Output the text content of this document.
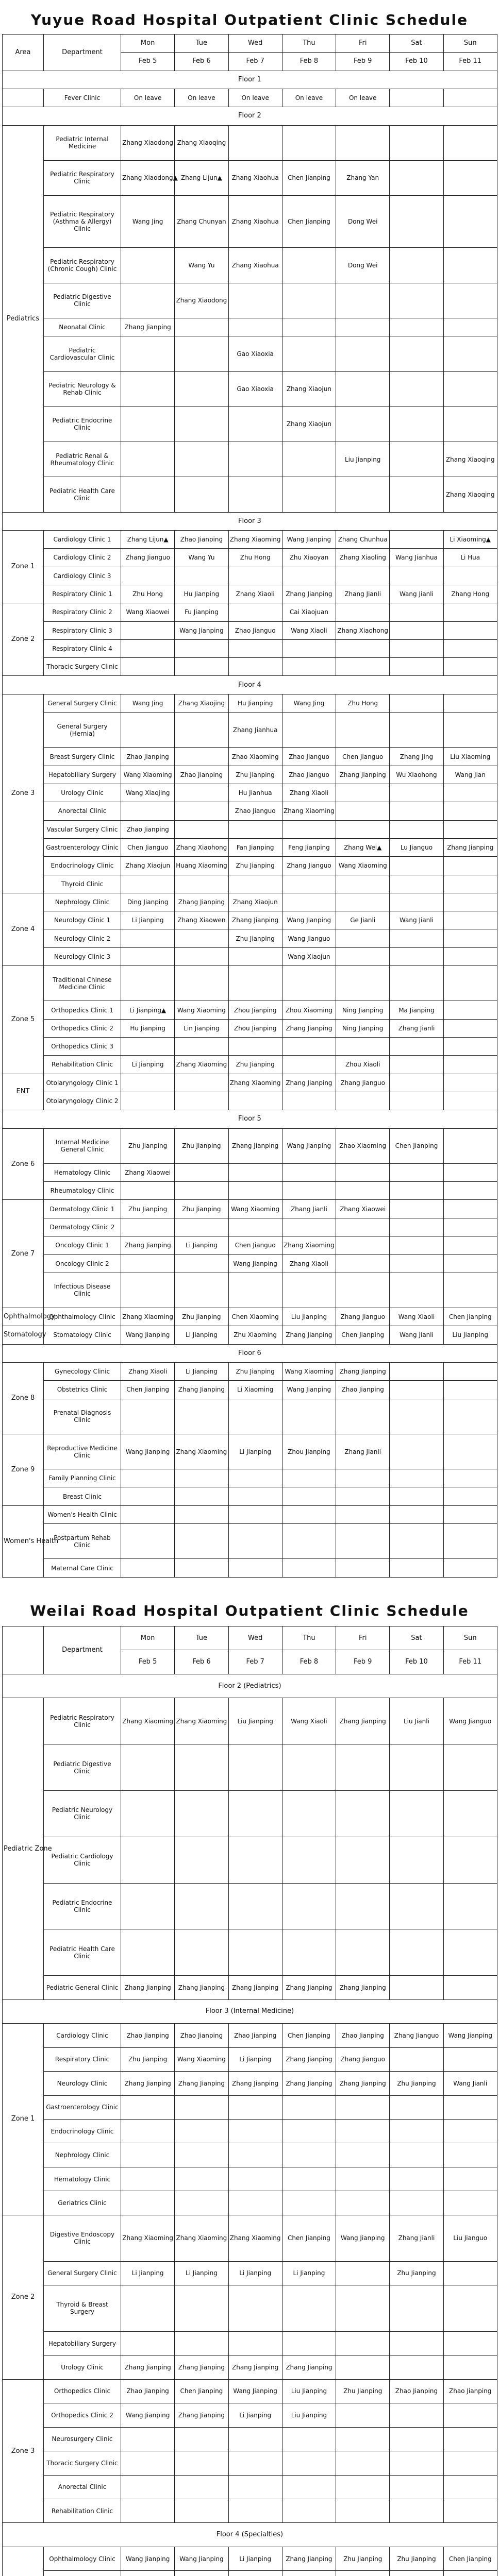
Yuyue Road Hospital Outpatient Clinic Schedule
Area	Department	Mon	Tue	Wed	Thu	Fri	Sat	Sun
		Feb 5	Feb 6	Feb 7	Feb 8	Feb 9	Feb 10	Feb 11
Floor 1								
	Fever Clinic	On leave	On leave	On leave	On leave	On leave		
Floor 2								
Pediatrics	Pediatric Internal Medicine	Zhang Xiaodong	Zhang Xiaoqing					
	Pediatric Respiratory Clinic	Zhang Xiaodong▲	Zhang Lijun▲	Zhang Xiaohua	Chen Jianping	Zhang Yan		
	Pediatric Respiratory (Asthma & Allergy) Clinic	Wang Jing	Zhang Chunyan	Zhang Xiaohua	Chen Jianping	Dong Wei		
	Pediatric Respiratory (Chronic Cough) Clinic		Wang Yu	Zhang Xiaohua		Dong Wei		
	Pediatric Digestive Clinic		Zhang Xiaodong					
	Neonatal Clinic	Zhang Jianping						
	Pediatric Cardiovascular Clinic			Gao Xiaoxia				
	Pediatric Neurology & Rehab Clinic			Gao Xiaoxia	Zhang Xiaojun			
	Pediatric Endocrine Clinic				Zhang Xiaojun			
	Pediatric Renal & Rheumatology Clinic					Liu Jianping		Zhang Xiaoqing
	Pediatric Health Care Clinic							Zhang Xiaoqing
Floor 3								
Zone 1	Cardiology Clinic 1	Zhang Lijun▲	Zhao Jianping	Zhang Xiaoming	Wang Jianping	Zhang Chunhua		Li Xiaoming▲
	Cardiology Clinic 2	Zhang Jianguo	Wang Yu	Zhu Hong	Zhu Xiaoyan	Zhang Xiaoling	Wang Jianhua	Li Hua
	Cardiology Clinic 3							
	Respiratory Clinic 1	Zhu Hong	Hu Jianping	Zhang Xiaoli	Zhang Jianping	Zhang Jianli	Wang Jianli	Zhang Hong
Zone 2	Respiratory Clinic 2	Wang Xiaowei	Fu Jianping		Cai Xiaojuan			
	Respiratory Clinic 3		Wang Jianping	Zhao Jianguo	Wang Xiaoli	Zhang Xiaohong		
	Respiratory Clinic 4							
	Thoracic Surgery Clinic							
Floor 4								
Zone 3	General Surgery Clinic	Wang Jing	Zhang Xiaojing	Hu Jianping	Wang Jing	Zhu Hong		
	General Surgery (Hernia)			Zhang Jianhua				
	Breast Surgery Clinic	Zhao Jianping		Zhao Xiaoming	Zhao Jianguo	Chen Jianguo	Zhang Jing	Liu Xiaoming
	Hepatobiliary Surgery	Wang Xiaoming	Zhao Jianping	Zhu Jianping	Zhao Jianguo	Zhang Jianping	Wu Xiaohong	Wang Jian
	Urology Clinic	Wang Xiaojing		Hu Jianhua	Zhang Xiaoli			
	Anorectal Clinic			Zhao Jianguo	Zhang Xiaoming			
	Vascular Surgery Clinic	Zhao Jianping						
	Gastroenterology Clinic	Chen Jianguo	Zhang Xiaohong	Fan Jianping	Feng Jianping	Zhang Wei▲	Lu Jianguo	Zhang Jianping
	Endocrinology Clinic	Zhang Xiaojun	Huang Xiaoming	Zhu Jianping	Zhang Jianguo	Wang Xiaoming		
	Thyroid Clinic							
Zone 4	Nephrology Clinic	Ding Jianping	Zhang Jianping	Zhang Xiaojun				
	Neurology Clinic 1	Li Jianping	Zhang Xiaowen	Zhang Jianping	Wang Jianping	Ge Jianli	Wang Jianli	
	Neurology Clinic 2			Zhu Jianping	Wang Jianguo			
	Neurology Clinic 3				Wang Xiaojun			
Zone 5	Traditional Chinese Medicine Clinic							
	Orthopedics Clinic 1	Li Jianping▲	Wang Xiaoming	Zhou Jianping	Zhou Xiaoming	Ning Jianping	Ma Jianping	
	Orthopedics Clinic 2	Hu Jianping	Lin Jianping	Zhou Jianping	Zhang Jianping	Ning Jianping	Zhang Jianli	
	Orthopedics Clinic 3							
	Rehabilitation Clinic	Li Jianping	Zhang Xiaoming	Zhu Jianping		Zhou Xiaoli		
ENT	Otolaryngology Clinic 1			Zhang Xiaoming	Zhang Jianping	Zhang Jianguo		
	Otolaryngology Clinic 2							
Floor 5								
Zone 6	Internal Medicine General Clinic	Zhu Jianping	Zhu Jianping	Zhang Jianping	Wang Jianping	Zhao Xiaoming	Chen Jianping	
	Hematology Clinic	Zhang Xiaowei						
	Rheumatology Clinic							
Zone 7	Dermatology Clinic 1	Zhu Jianping	Zhu Jianping	Wang Xiaoming	Zhang Jianli	Zhang Xiaowei		
	Dermatology Clinic 2							
	Oncology Clinic 1	Zhang Jianping	Li Jianping	Chen Jianguo	Zhang Xiaoming			
	Oncology Clinic 2			Wang Jianping	Zhang Xiaoli			
	Infectious Disease Clinic							
Ophthalmology	Ophthalmology Clinic	Zhang Xiaoming	Zhu Jianping	Chen Xiaoming	Liu Jianping	Zhang Jianguo	Wang Xiaoli	Chen Jianping
Stomatology	Stomatology Clinic	Wang Jianping	Li Jianping	Zhu Xiaoming	Zhang Jianping	Chen Jianping	Wang Jianli	Liu Jianping
Floor 6								
Zone 8	Gynecology Clinic	Zhang Xiaoli	Li Jianping	Zhu Jianping	Wang Xiaoming	Zhang Jianping		
	Obstetrics Clinic	Chen Jianping	Zhang Jianping	Li Xiaoming	Wang Jianping	Zhao Jianping		
	Prenatal Diagnosis Clinic							
Zone 9	Reproductive Medicine Clinic	Wang Jianping	Zhang Xiaoming	Li Jianping	Zhou Jianping	Zhang Jianli		
	Family Planning Clinic							
	Breast Clinic							
Women's Health	Women's Health Clinic							
	Postpartum Rehab Clinic							
	Maternal Care Clinic							
Weilai Road Hospital Outpatient Clinic Schedule
	Department	Mon	Tue	Wed	Thu	Fri	Sat	Sun
		Feb 5	Feb 6	Feb 7	Feb 8	Feb 9	Feb 10	Feb 11
Floor 2 (Pediatrics)								
Pediatric Zone	Pediatric Respiratory Clinic	Zhang Xiaoming	Zhang Xiaoming	Liu Jianping	Wang Xiaoli	Zhang Jianping	Liu Jianli	Wang Jianguo
	Pediatric Digestive Clinic							
	Pediatric Neurology Clinic							
	Pediatric Cardiology Clinic							
	Pediatric Endocrine Clinic							
	Pediatric Health Care Clinic							
	Pediatric General Clinic	Zhang Jianping	Zhang Jianping	Zhang Jianping	Zhang Jianping	Zhang Jianping		
Floor 3 (Internal Medicine)								
Zone 1	Cardiology Clinic	Zhao Jianping	Zhao Jianping	Zhao Jianping	Chen Jianping	Zhao Jianping	Zhang Jianguo	Wang Jianping
	Respiratory Clinic	Zhu Jianping	Wang Xiaoming	Li Jianping	Zhang Jianping	Zhang Jianguo		
	Neurology Clinic	Zhang Jianping	Zhang Jianping	Zhang Jianping	Zhang Jianping	Zhang Jianping	Zhu Jianping	Wang Jianli
	Gastroenterology Clinic							
	Endocrinology Clinic							
	Nephrology Clinic							
	Hematology Clinic							
	Geriatrics Clinic							
Zone 2	Digestive Endoscopy Clinic	Zhang Xiaoming	Zhang Xiaoming	Zhang Xiaoming	Chen Jianping	Wang Jianping	Zhang Jianli	Liu Jianguo
	General Surgery Clinic	Li Jianping	Li Jianping	Li Jianping	Li Jianping		Zhu Jianping	
	Thyroid & Breast Surgery							
	Hepatobiliary Surgery							
	Urology Clinic	Zhang Jianping	Zhang Jianping	Zhang Jianping	Zhang Jianping			
Zone 3	Orthopedics Clinic	Zhao Jianping	Chen Jianping	Wang Jianping	Liu Jianping	Zhu Jianping	Zhao Jianping	Zhao Jianping
	Orthopedics Clinic 2	Wang Jianping	Zhang Jianping	Li Jianping	Liu Jianping			
	Neurosurgery Clinic							
	Thoracic Surgery Clinic							
	Anorectal Clinic							
	Rehabilitation Clinic							
Floor 4 (Specialties)								
	Ophthalmology Clinic	Wang Jianping	Wang Jianping	Li Jianping	Zhang Jianping	Zhu Jianping	Zhu Jianping	Chen Jianping
